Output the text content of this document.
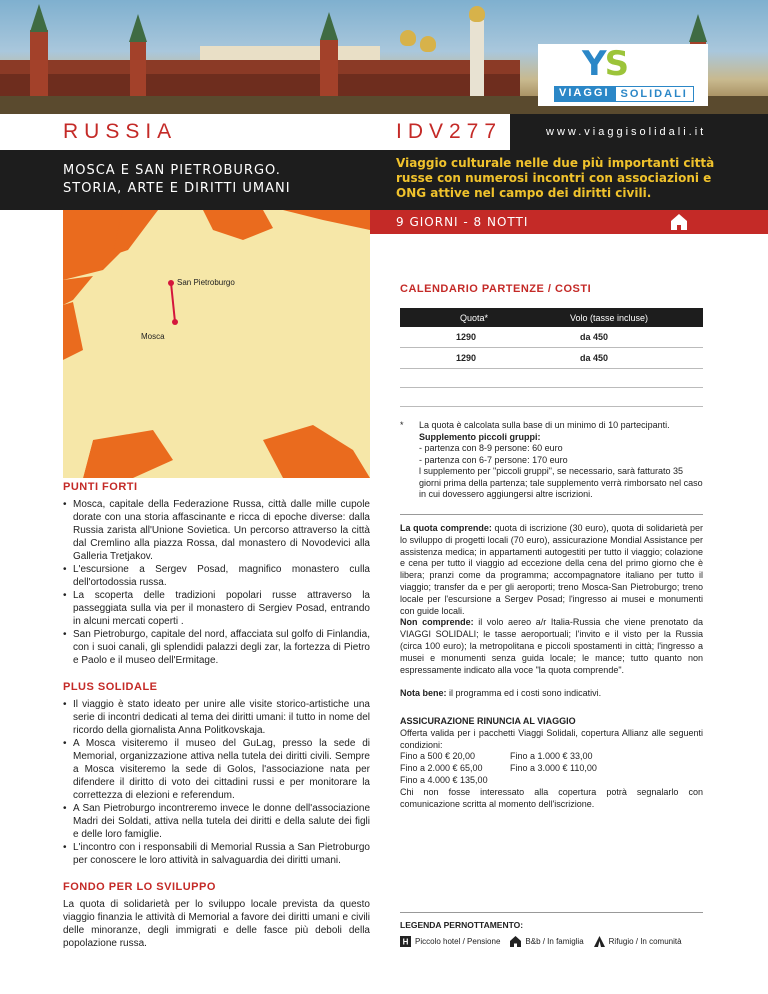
YS
VIAGGI	SOLIDALI
RUSSIA	IDV277	www.viaggisolidali.it
MOSCA E SAN PIETROBURGO.
STORIA, ARTE E DIRITTI UMANI
Viaggio culturale nelle due più importanti città russe con numerosi incontri con associazioni e ONG attive nel campo dei diritti civili.
9 GIORNI - 8 NOTTI
San Pietroburgo
Mosca
PUNTI FORTI
• Mosca, capitale della Federazione Russa, città dalle mille cupole dorate con una storia affascinante e ricca di epoche diverse: dalla Russia zarista all'Unione Sovietica. Un percorso attraverso la città dal Cremlino alla piazza Rossa, dal monastero di Novodevici alla Galleria Tretjakov.
• L'escursione a Sergev Posad, magnifico monastero culla dell'ortodossia russa.
• La scoperta delle tradizioni popolari russe attraverso la passeggiata sulla via per il monastero di Sergiev Posad, entrando in alcuni mercati coperti .
• San Pietroburgo, capitale del nord, affacciata sul golfo di Finlandia, con i suoi canali, gli splendidi palazzi degli zar, la fortezza di Pietro e Paolo e il museo dell'Ermitage.
PLUS SOLIDALE
• Il viaggio è stato ideato per unire alle visite storico-artistiche una serie di incontri dedicati al tema dei diritti umani: il tutto in nome del ricordo della giornalista Anna Politkovskaja.
• A Mosca visiteremo il museo del GuLag, presso la sede di Memorial, organizzazione attiva nella tutela dei diritti civili. Sempre a Mosca visiteremo la sede di Golos, l'associazione nata per difendere il diritto di voto dei cittadini russi e per monitorare la correttezza di elezioni e referendum.
• A San Pietroburgo incontreremo invece le donne dell'associazione Madri dei Soldati, attiva nella tutela dei diritti e della salute dei figli e delle loro famiglie.
• L'incontro con i responsabili di Memorial Russia a San Pietroburgo per conoscere le loro attività in salvaguardia dei diritti umani.
FONDO PER LO SVILUPPO
La quota di solidarietà per lo sviluppo locale prevista da questo viaggio finanzia le attività di Memorial a favore dei diritti umani e civili delle minoranze, degli immigrati e delle fasce più deboli della popolazione russa.
CALENDARIO PARTENZE / COSTI
Quota*	Volo (tasse incluse)
1290	da 450
1290	da 450
* La quota è calcolata sulla base di un minimo di 10 partecipanti.
Supplemento piccoli gruppi:
- partenza con 8-9 persone: 60 euro
- partenza con 6-7 persone: 170 euro
l supplemento per "piccoli gruppi", se necessario, sarà fatturato 35 giorni prima della partenza; tale supplemento verrà rimborsato nel caso in cui dovessero aggiungersi altre iscrizioni.
La quota comprende: quota di iscrizione (30 euro), quota di solidarietà per lo sviluppo di progetti locali (70 euro), assicurazione Mondial Assistance per assistenza medica; in appartamenti autogestiti per tutto il viaggio; colazione e cena per tutto il viaggio ad eccezione della cena del primo giorno che è libera; pranzi come da programma; accompagnatore italiano per tutto il viaggio; transfer da e per gli aeroporti; treno Mosca-San Pietroburgo; treno locale per l'escursione a Sergev Posad; l'ingresso ai musei e monumenti con guide locali.
Non comprende: il volo aereo a/r Italia-Russia che viene prenotato da VIAGGI SOLIDALI; le tasse aeroportuali; l'invito e il visto per la Russia (circa 100 euro); la metropolitana e piccoli spostamenti in città; l'ingresso a musei e monumenti senza guida locale; le mance; tutto quanto non espressamente indicato alla voce "la quota comprende".
Nota bene: il programma ed i costi sono indicativi.
ASSICURAZIONE RINUNCIA AL VIAGGIO
Offerta valida per i pacchetti Viaggi Solidali, copertura Allianz alle seguenti condizioni:
Fino a 500 € 20,00	Fino a 1.000 € 33,00
Fino a 2.000 € 65,00	Fino a 3.000 € 110,00
Fino a 4.000 € 135,00
Chi non fosse interessato alla copertura potrà segnalarlo con comunicazione scritta al momento dell'iscrizione.
LEGENDA PERNOTTAMENTO:
H Piccolo hotel / Pensione	B&b / In famiglia	Rifugio / In comunità
